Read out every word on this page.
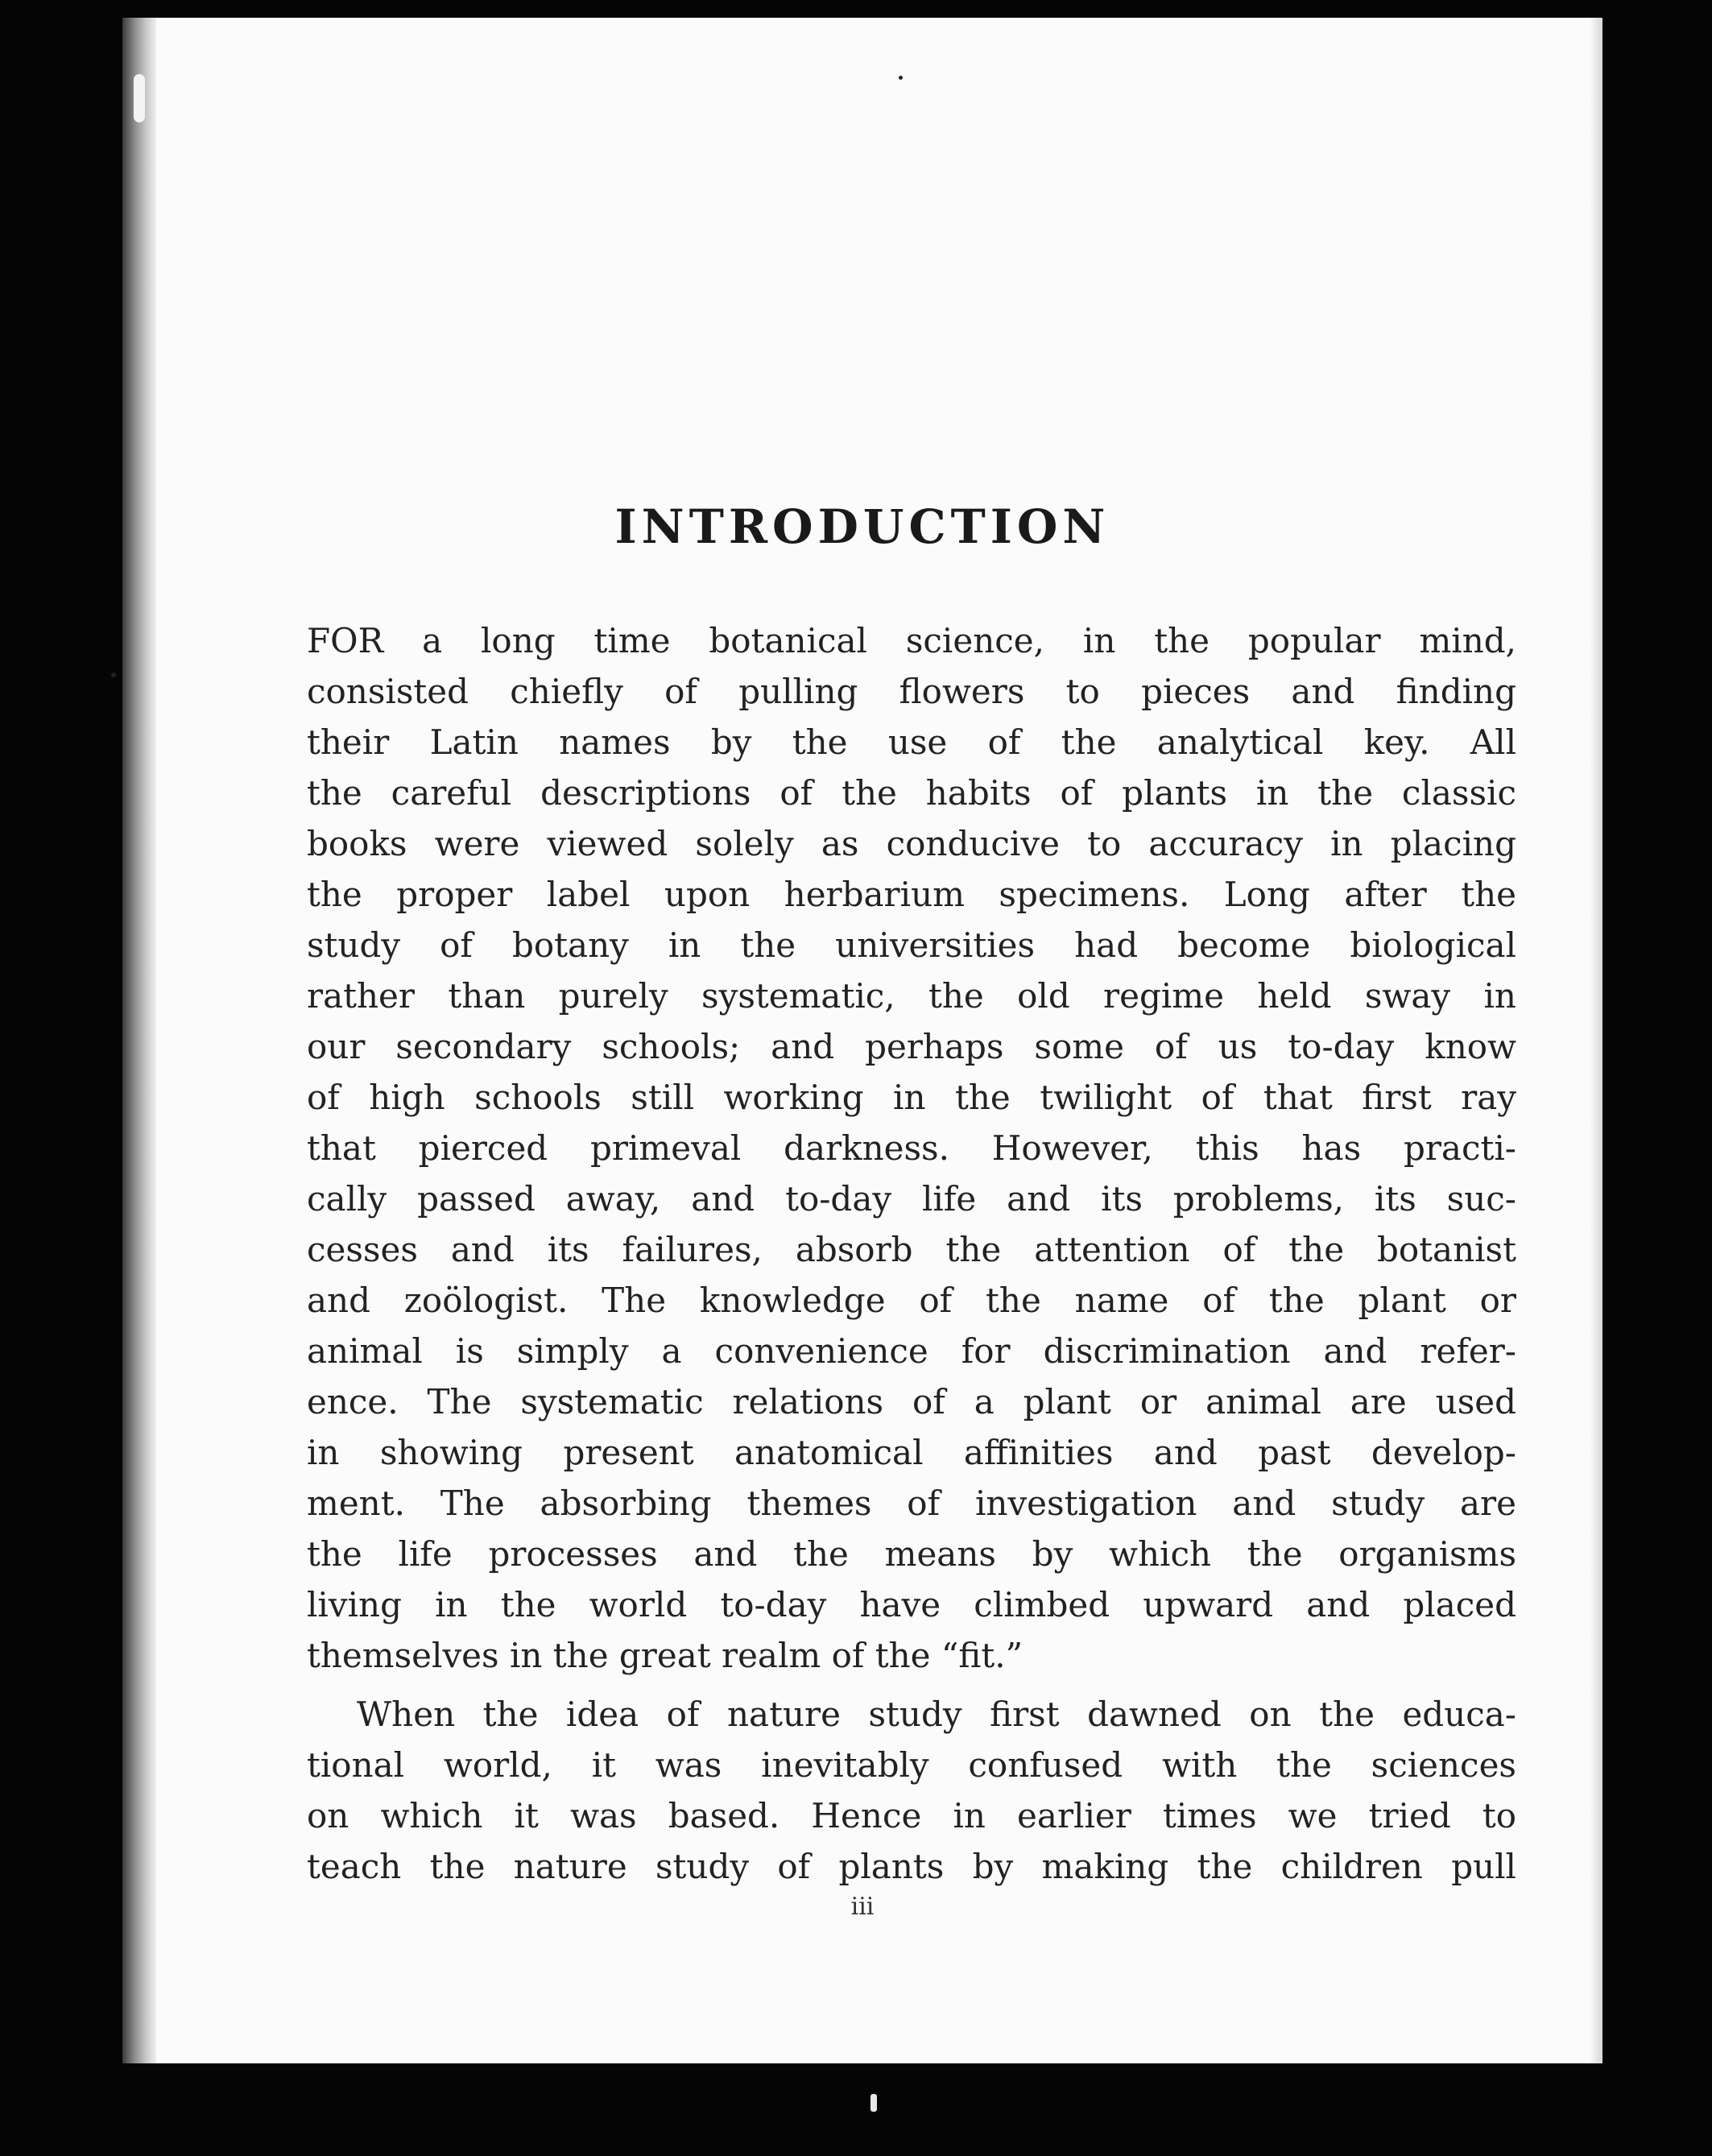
INTRODUCTION
FOR a long time botanical science, in the popular mind,
consisted chiefly of pulling flowers to pieces and finding
their Latin names by the use of the analytical key. All
the careful descriptions of the habits of plants in the classic
books were viewed solely as conducive to accuracy in placing
the proper label upon herbarium specimens. Long after the
study of botany in the universities had become biological
rather than purely systematic, the old regime held sway in
our secondary schools; and perhaps some of us to-day know
of high schools still working in the twilight of that first ray
that pierced primeval darkness. However, this has practi-
cally passed away, and to-day life and its problems, its suc-
cesses and its failures, absorb the attention of the botanist
and zoölogist. The knowledge of the name of the plant or
animal is simply a convenience for discrimination and refer-
ence. The systematic relations of a plant or animal are used
in showing present anatomical affinities and past develop-
ment. The absorbing themes of investigation and study are
the life processes and the means by which the organisms
living in the world to-day have climbed upward and placed
themselves in the great realm of the “fit.”
When the idea of nature study first dawned on the educa-
tional world, it was inevitably confused with the sciences
on which it was based. Hence in earlier times we tried to
teach the nature study of plants by making the children pull
iii
